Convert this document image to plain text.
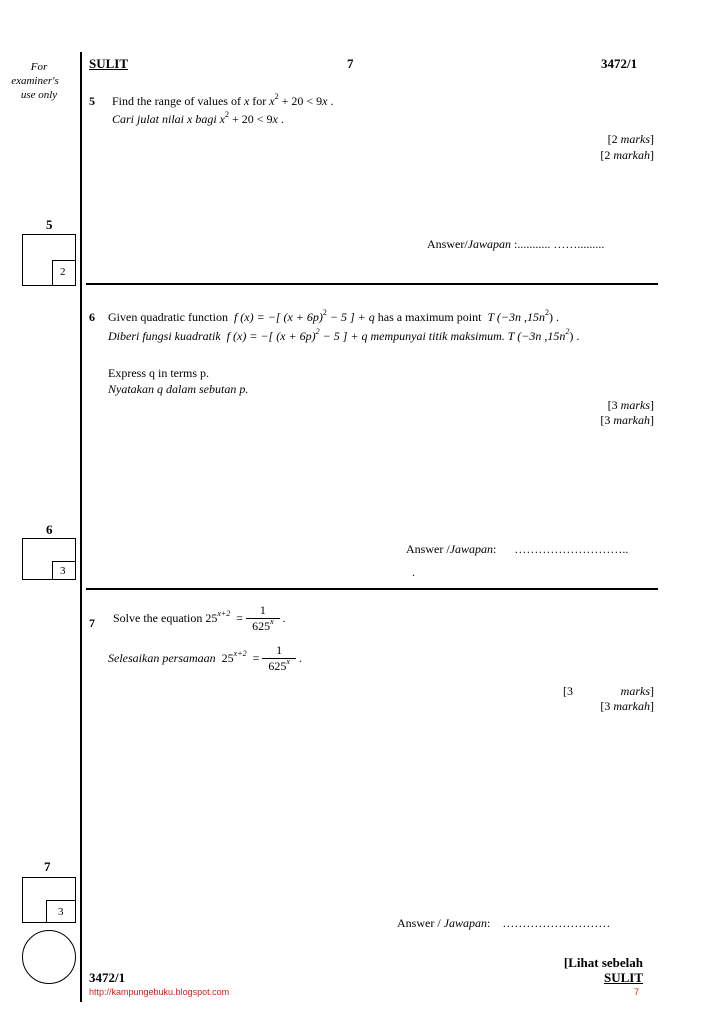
For
examiner's
use only
SULIT	7	3472/1
5 Find the range of values of x for $x^2 + 20 < 9x$ .
Cari julat nilai x bagi $x^2 + 20 < 9x$ .
[2 marks]
[2 markah]
Answer/Jawapan :........... …….........
5
2
6 Given quadratic function f (x) = −[ $(x + 6p)^2 - 5$ ] + q has a maximum point T (−3n $,15n^2$) .
Diberi fungsi kuadratik f (x) = −[ $(x + 6p)^2 - 5$ ] + q mempunyai titik maksimum. T (−3n $,15n^2$) .
Express q in terms p.
Nyatakan q dalam sebutan p.
[3 marks]
[3 markah]
Answer /Jawapan:      ………………………..
.
6
3
7 Solve the equation $25^{x+2} = \frac{1}{625^x}$ .
Selesaikan persamaan $25^{x+2} = \frac{1}{625^x}$ .
[3	marks]
[3 markah]
Answer / Jawapan:    ………………………
7
3
[Lihat sebelah
3472/1	SULIT
http://kampungebuku.blogspot.com	7
